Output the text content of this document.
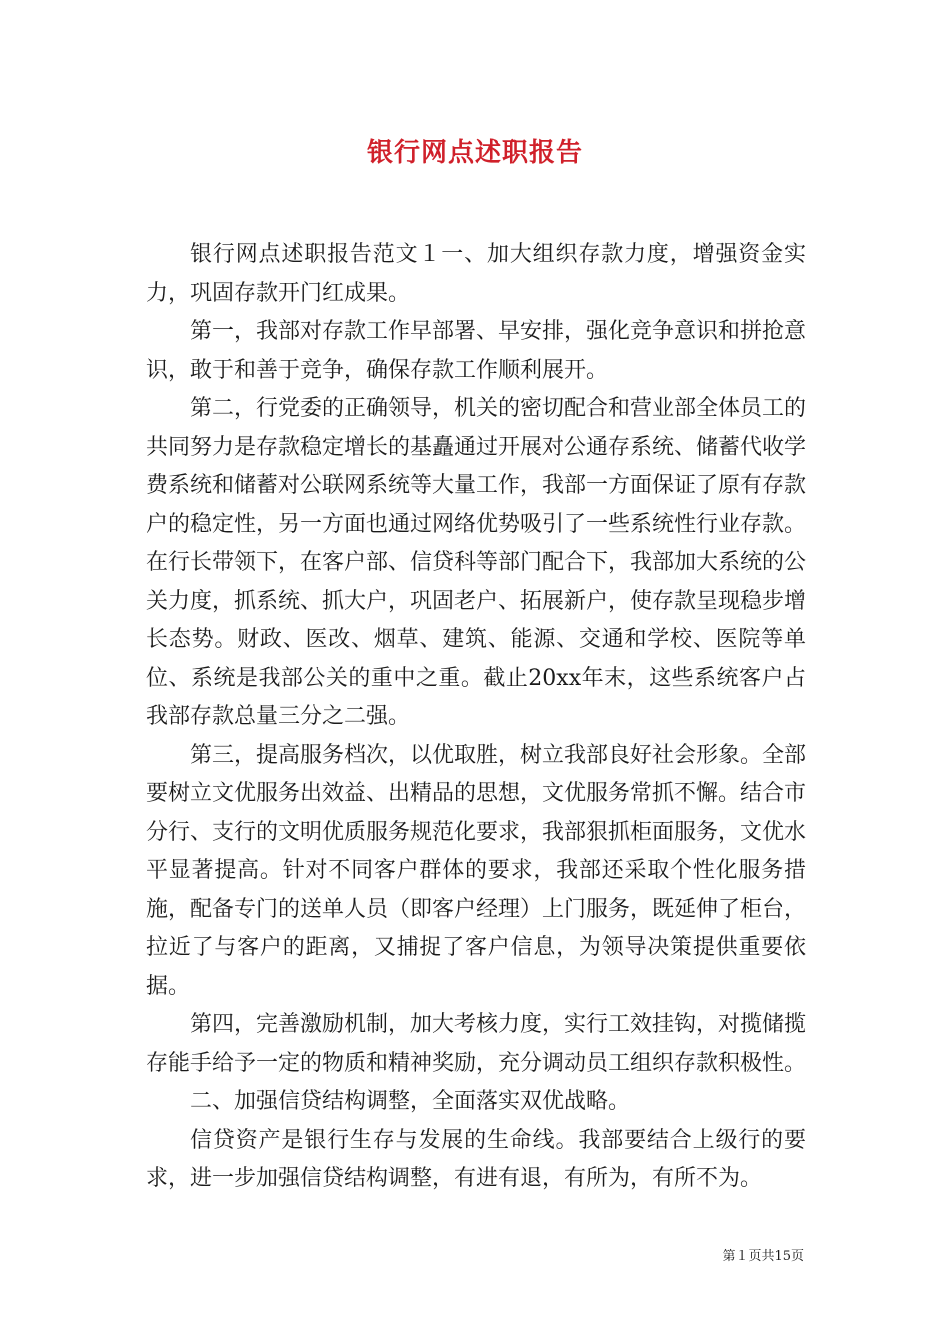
银行网点述职报告

银行网点述职报告范文１一、加大组织存款力度，增强资金实力，巩固存款开门红成果。

第一，我部对存款工作早部署、早安排，强化竞争意识和拼抢意识，敢于和善于竞争，确保存款工作顺利展开。

第二，行党委的正确领导，机关的密切配合和营业部全体员工的共同努力是存款稳定增长的基矗通过开展对公通存系统、储蓄代收学费系统和储蓄对公联网系统等大量工作，我部一方面保证了原有存款户的稳定性，另一方面也通过网络优势吸引了一些系统性行业存款。在行长带领下，在客户部、信贷科等部门配合下，我部加大系统的公关力度，抓系统、抓大户，巩固老户、拓展新户，使存款呈现稳步增长态势。财政、医改、烟草、建筑、能源、交通和学校、医院等单位、系统是我部公关的重中之重。截止20xx年末，这些系统客户占我部存款总量三分之二强。

第三，提高服务档次，以优取胜，树立我部良好社会形象。全部要树立文优服务出效益、出精品的思想，文优服务常抓不懈。结合市分行、支行的文明优质服务规范化要求，我部狠抓柜面服务，文优水平显著提高。针对不同客户群体的要求，我部还采取个性化服务措施，配备专门的送单人员（即客户经理）上门服务，既延伸了柜台，拉近了与客户的距离，又捕捉了客户信息，为领导决策提供重要依据。

第四，完善激励机制，加大考核力度，实行工效挂钩，对揽储揽存能手给予一定的物质和精神奖励，充分调动员工组织存款积极性。

二、加强信贷结构调整，全面落实双优战略。

信贷资产是银行生存与发展的生命线。我部要结合上级行的要求，进一步加强信贷结构调整，有进有退，有所为，有所不为。

第１页共15页
